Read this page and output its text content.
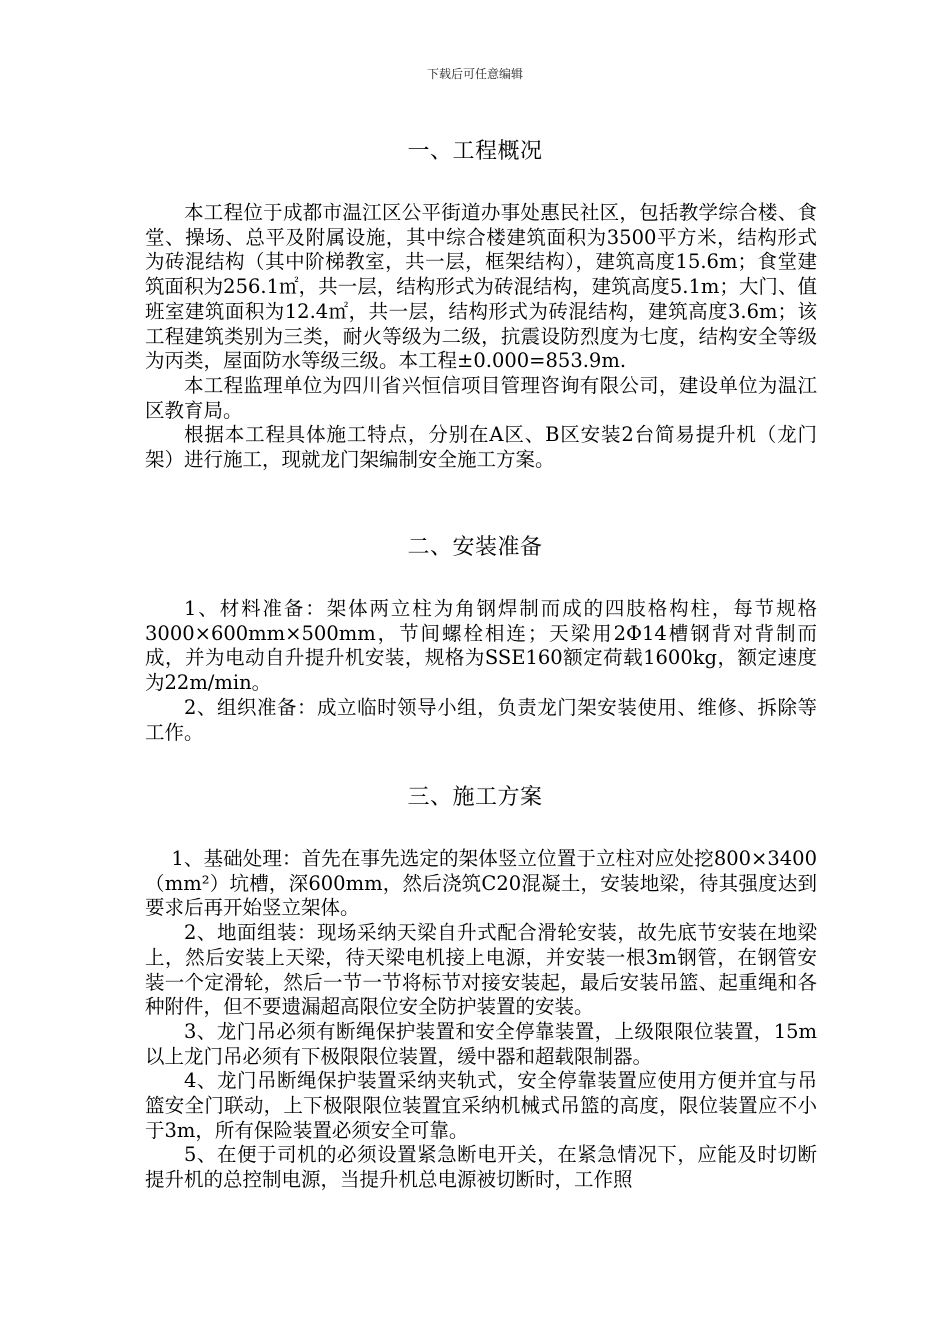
下载后可任意编辑
一、工程概况

本工程位于成都市温江区公平街道办事处惠民社区，包括教学综合楼、食堂、操场、总平及附属设施，其中综合楼建筑面积为3500平方米，结构形式为砖混结构（其中阶梯教室，共一层，框架结构），建筑高度15.6m；食堂建筑面积为256.1㎡，共一层，结构形式为砖混结构，建筑高度5.1m；大门、值班室建筑面积为12.4㎡，共一层，结构形式为砖混结构，建筑高度3.6m；该工程建筑类别为三类，耐火等级为二级，抗震设防烈度为七度，结构安全等级为丙类，屋面防水等级三级。本工程±0.000=853.9m.

本工程监理单位为四川省兴恒信项目管理咨询有限公司，建设单位为温江区教育局。

根据本工程具体施工特点，分别在A区、B区安装2台简易提升机（龙门架）进行施工，现就龙门架编制安全施工方案。

二、安装准备

1、材料准备：架体两立柱为角钢焊制而成的四肢格构柱，每节规格3000×600mm×500mm，节间螺栓相连；天梁用2Φ14槽钢背对背制而成，并为电动自升提升机安装，规格为SSE160额定荷载1600kg，额定速度为22m/min。

2、组织准备：成立临时领导小组，负责龙门架安装使用、维修、拆除等工作。

三、施工方案

1、基础处理：首先在事先选定的架体竖立位置于立柱对应处挖800×3400（mm²）坑槽，深600mm，然后浇筑C20混凝土，安装地梁，待其强度达到要求后再开始竖立架体。

2、地面组装：现场采纳天梁自升式配合滑轮安装，故先底节安装在地梁上，然后安装上天梁，待天梁电机接上电源，并安装一根3m钢管，在钢管安装一个定滑轮，然后一节一节将标节对接安装起，最后安装吊篮、起重绳和各种附件，但不要遗漏超高限位安全防护装置的安装。

3、龙门吊必须有断绳保护装置和安全停靠装置，上级限限位装置，15m以上龙门吊必须有下极限限位装置，缓中器和超载限制器。

4、龙门吊断绳保护装置采纳夹轨式，安全停靠装置应使用方便并宜与吊篮安全门联动，上下极限限位装置宜采纳机械式吊篮的高度，限位装置应不小于3m，所有保险装置必须安全可靠。

5、在便于司机的必须设置紧急断电开关，在紧急情况下，应能及时切断提升机的总控制电源，当提升机总电源被切断时，工作照
